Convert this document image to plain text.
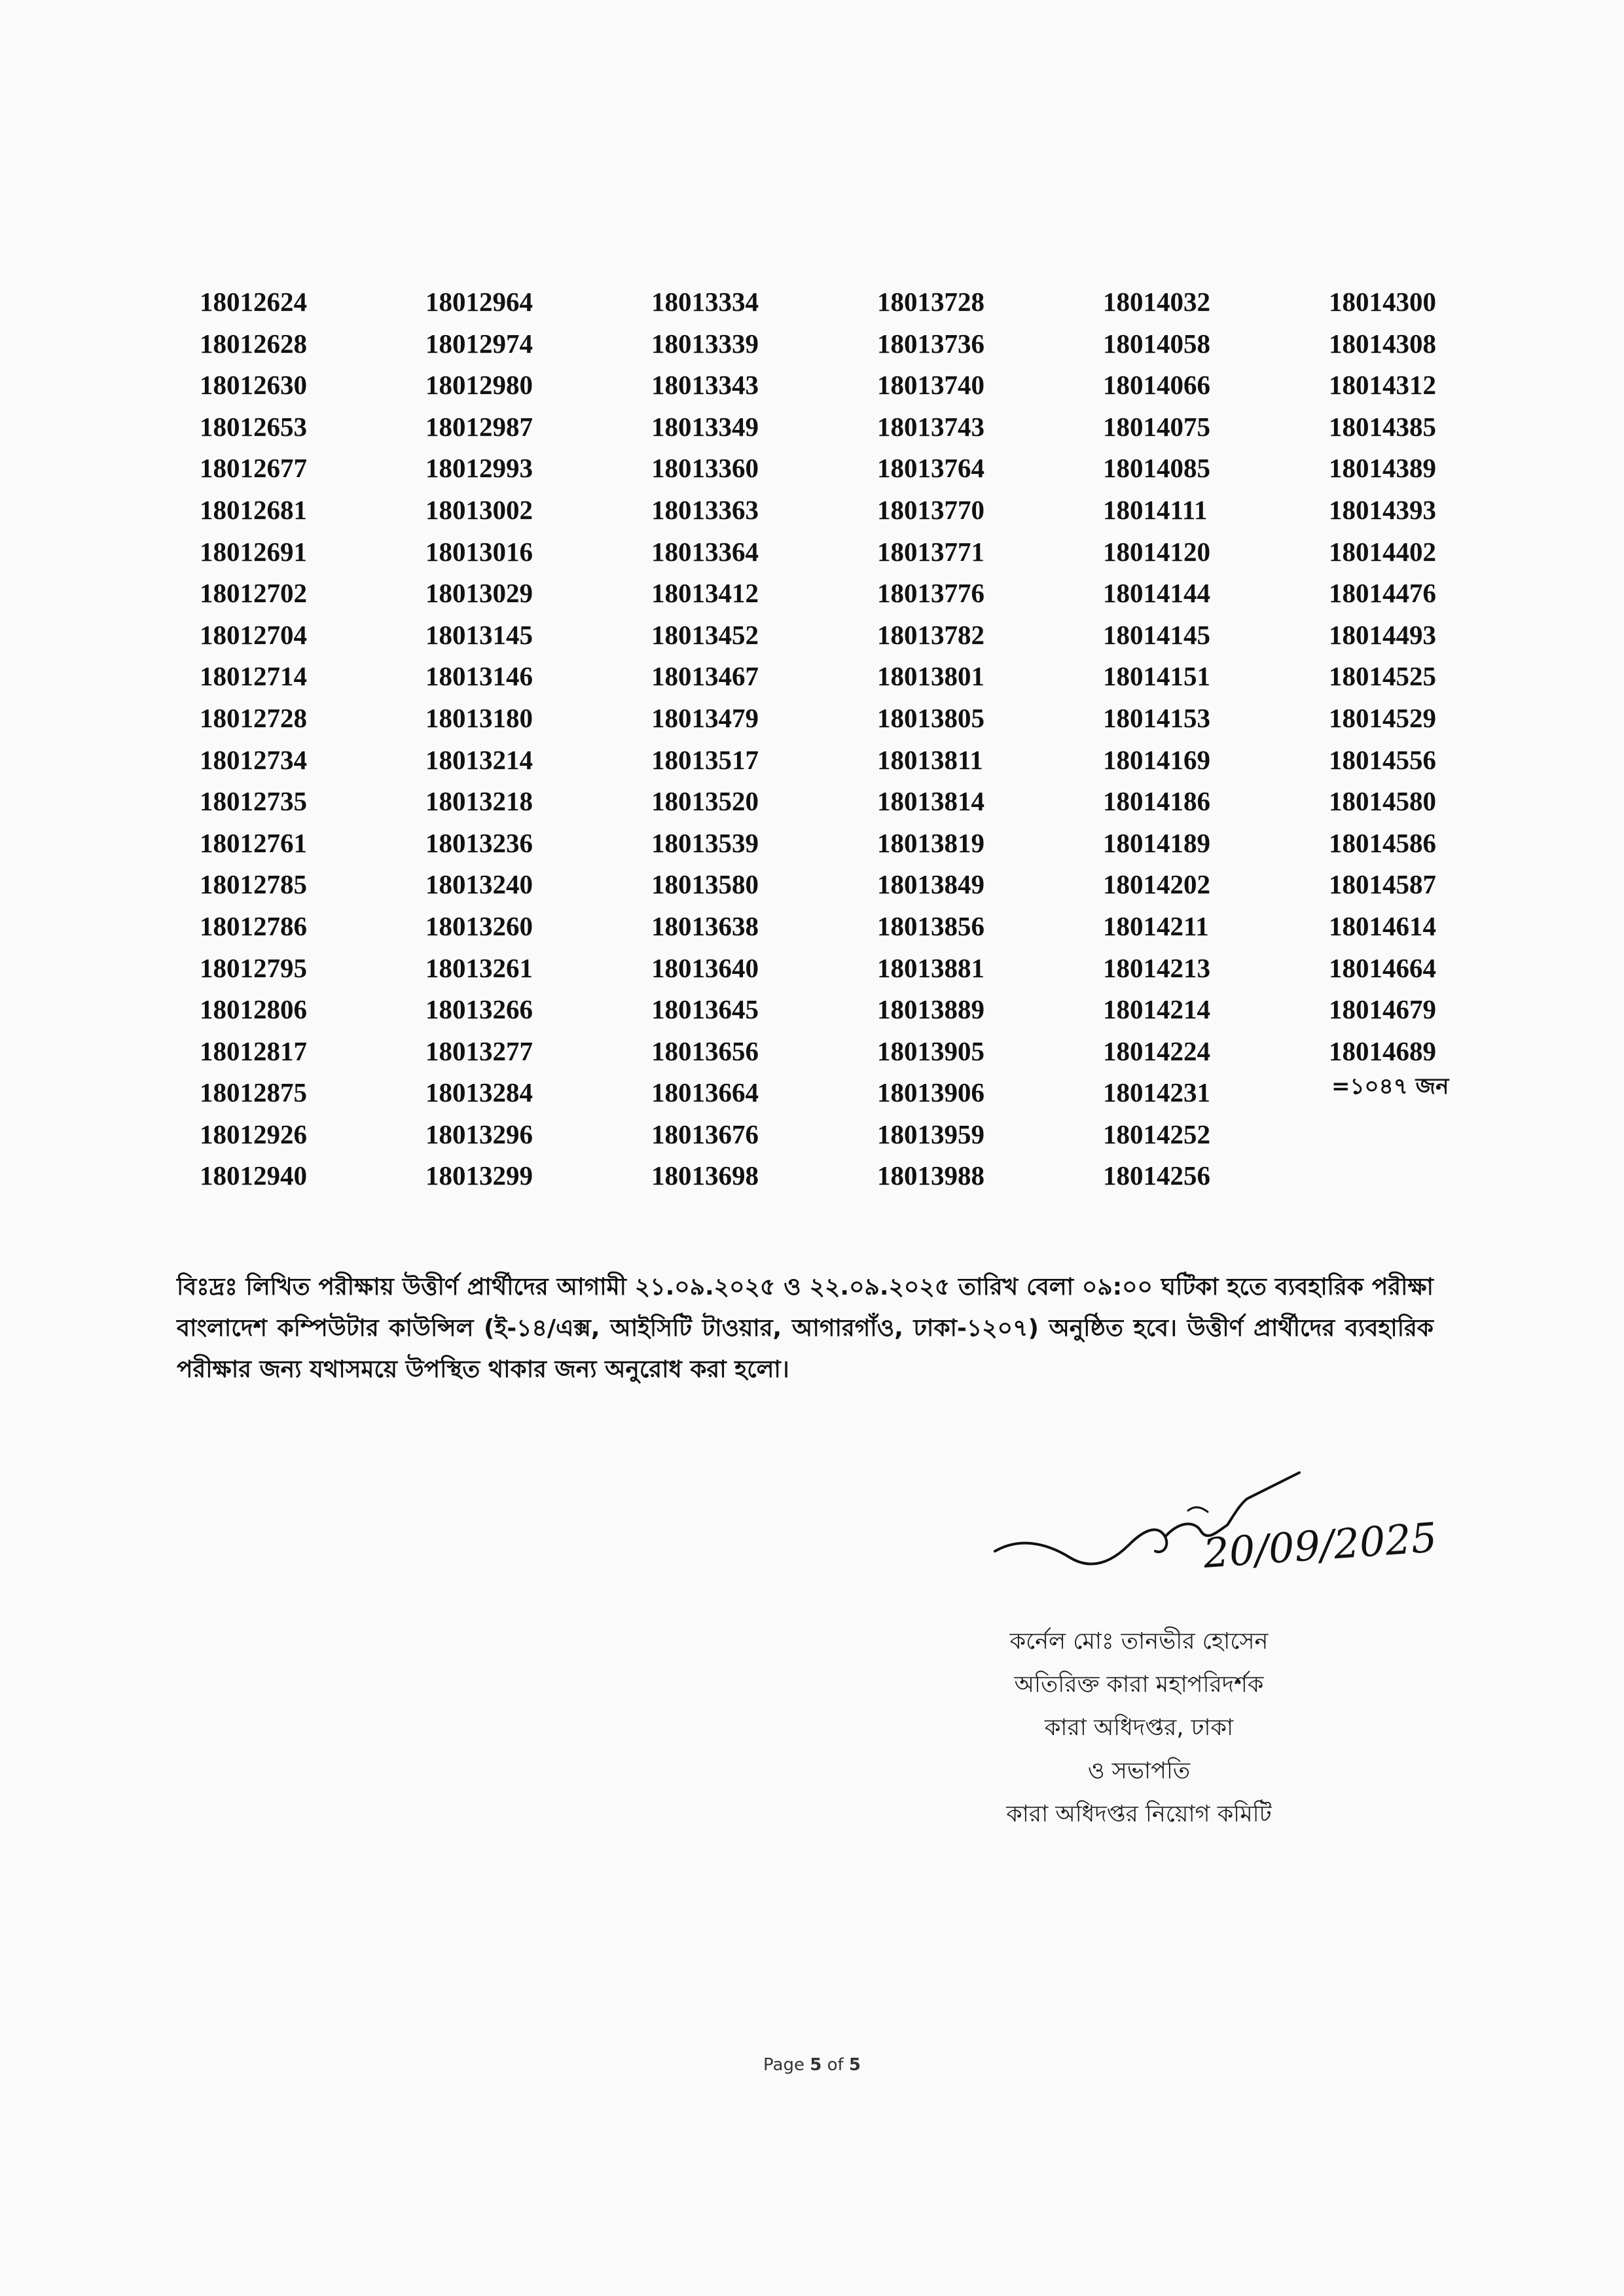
18012624
18012628
18012630
18012653
18012677
18012681
18012691
18012702
18012704
18012714
18012728
18012734
18012735
18012761
18012785
18012786
18012795
18012806
18012817
18012875
18012926
18012940
18012964
18012974
18012980
18012987
18012993
18013002
18013016
18013029
18013145
18013146
18013180
18013214
18013218
18013236
18013240
18013260
18013261
18013266
18013277
18013284
18013296
18013299
18013334
18013339
18013343
18013349
18013360
18013363
18013364
18013412
18013452
18013467
18013479
18013517
18013520
18013539
18013580
18013638
18013640
18013645
18013656
18013664
18013676
18013698
18013728
18013736
18013740
18013743
18013764
18013770
18013771
18013776
18013782
18013801
18013805
18013811
18013814
18013819
18013849
18013856
18013881
18013889
18013905
18013906
18013959
18013988
18014032
18014058
18014066
18014075
18014085
18014111
18014120
18014144
18014145
18014151
18014153
18014169
18014186
18014189
18014202
18014211
18014213
18014214
18014224
18014231
18014252
18014256
18014300
18014308
18014312
18014385
18014389
18014393
18014402
18014476
18014493
18014525
18014529
18014556
18014580
18014586
18014587
18014614
18014664
18014679
18014689
=১০৪৭ জন
বিঃদ্রঃ লিখিত পরীক্ষায় উত্তীর্ণ প্রার্থীদের আগামী ২১.০৯.২০২৫ ও ২২.০৯.২০২৫ তারিখ বেলা ০৯:০০ ঘটিকা হতে ব্যবহারিক পরীক্ষা বাংলাদেশ কম্পিউটার কাউন্সিল (ই-১৪/এক্স, আইসিটি টাওয়ার, আগারগাঁও, ঢাকা-১২০৭) অনুষ্ঠিত হবে। উত্তীর্ণ প্রার্থীদের ব্যবহারিক পরীক্ষার জন্য যথাসময়ে উপস্থিত থাকার জন্য অনুরোধ করা হলো।
20/09/2025
কর্নেল মোঃ তানভীর হোসেন
অতিরিক্ত কারা মহাপরিদর্শক
কারা অধিদপ্তর, ঢাকা
ও সভাপতি
কারা অধিদপ্তর নিয়োগ কমিটি
Page 5 of 5
